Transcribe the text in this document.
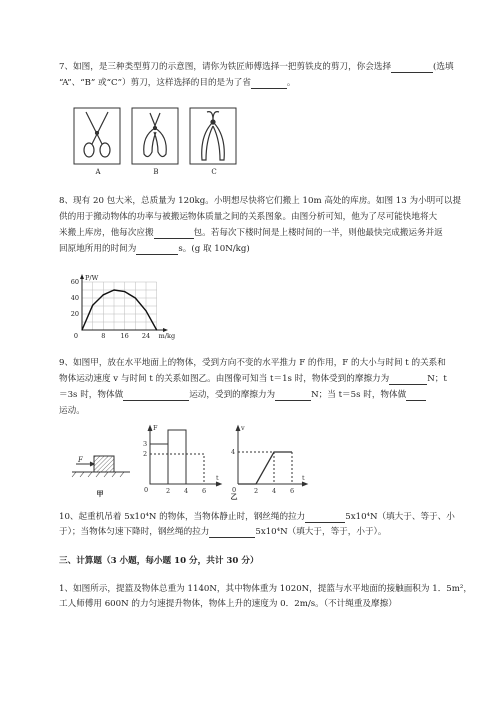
7、如图，是三种类型剪刀的示意图，请你为铁匠师傅选择一把剪铁皮的剪刀，你会选择	(选填
“A”、“B” 或“C”）剪刀，这样选择的目的是为了省	。
A	B	C
8、现有 20 包大米，总质量为 120kg。小明想尽快将它们搬上 10m 高处的库房。如图 13 为小明可以提
供的用于搬动物体的功率与被搬运物体质量之间的关系图象。由图分析可知，他为了尽可能快地将大
米搬上库房，他每次应搬	包。若每次下楼时间是上楼时间的一半，则他最快完成搬运务并返
回原地所用的时间为	s。(g 取 10N/kg)
P/W
m/kg
0
20
40
60
8 16 24
9、如图甲，放在水平地面上的物体，受到方向不变的水平推力 F 的作用，F 的大小与时间 t 的关系和
物体运动速度 v 与时间 t 的关系如图乙。由图像可知当 t＝1s 时，物体受到的摩擦力为	N；t
＝3s 时，物体做	运动，受到的摩擦力为	N；当 t＝5s 时，物体做
运动。
F
F
t
0	2 4 6
2
3
v
t
0	2 4 6
4
甲	乙
10、起重机吊着 5x10⁴N 的物体，当物体静止时，钢丝绳的拉力	5x10⁴N（填大于、等于、小
于）；当物体匀速下降时，钢丝绳的拉力	5x10⁴N（填大于，等于，小于）。
三、计算题（3 小题，每小题 10 分，共计 30 分）
1、如图所示，提篮及物体总重为 1140N，其中物体重为 1020N，提篮与水平地面的接触面积为 1．5m²，
工人师傅用 600N 的力匀速提升物体，物体上升的速度为 0．2m/s。（不计绳重及摩擦）
